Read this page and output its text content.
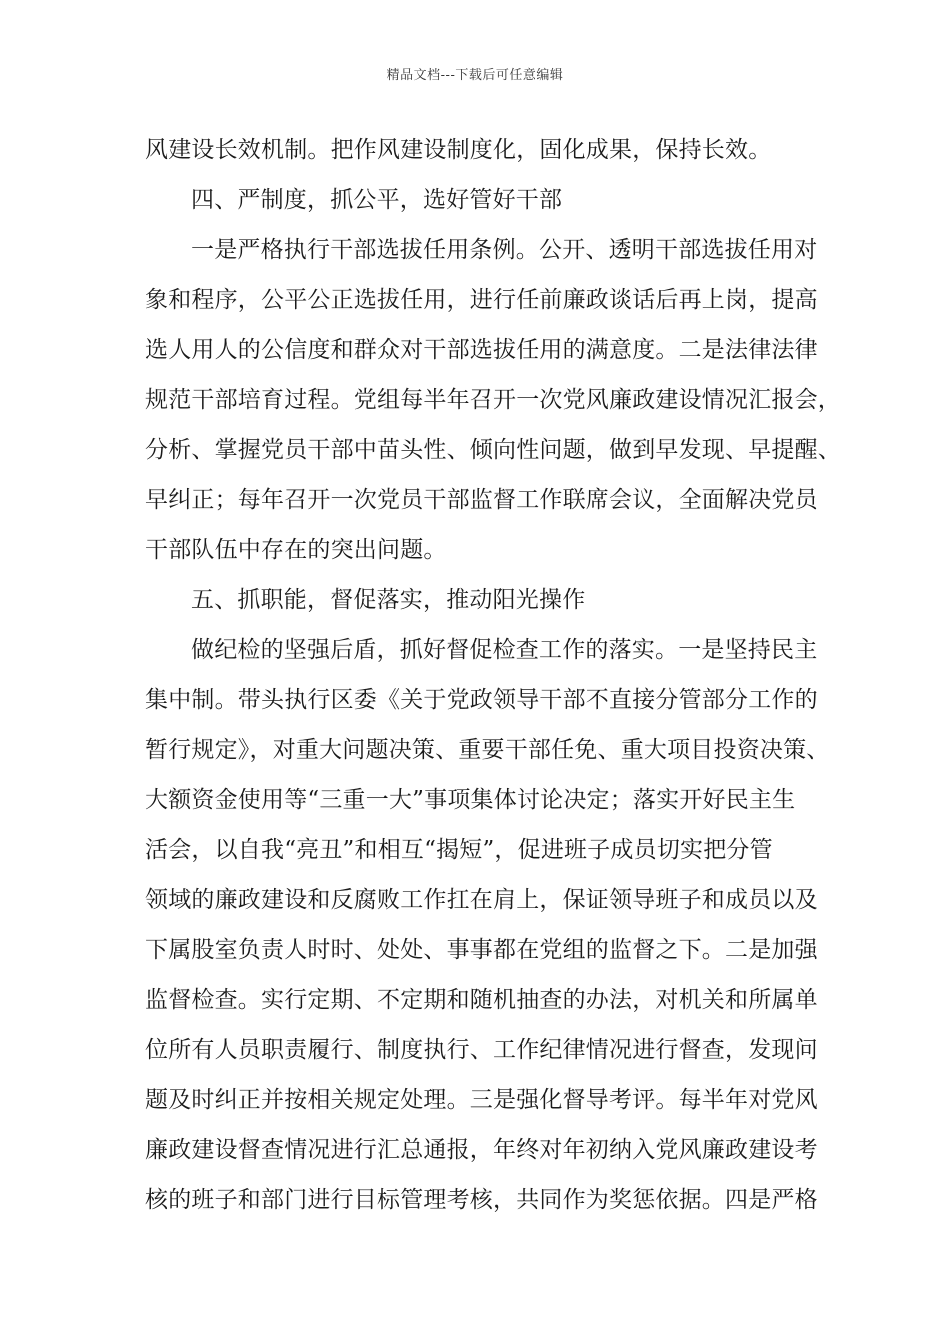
精品文档---下载后可任意编辑
风建设长效机制。把作风建设制度化，固化成果，保持长效。
四、严制度，抓公平，选好管好干部
一是严格执行干部选拔任用条例。公开、透明干部选拔任用对
象和程序，公平公正选拔任用，进行任前廉政谈话后再上岗，提高
选人用人的公信度和群众对干部选拔任用的满意度。二是法律法律
规范干部培育过程。党组每半年召开一次党风廉政建设情况汇报会，
分析、掌握党员干部中苗头性、倾向性问题，做到早发现、早提醒、
早纠正；每年召开一次党员干部监督工作联席会议，全面解决党员
干部队伍中存在的突出问题。
五、抓职能，督促落实，推动阳光操作
做纪检的坚强后盾，抓好督促检查工作的落实。一是坚持民主
集中制。带头执行区委《关于党政领导干部不直接分管部分工作的
暂行规定》，对重大问题决策、重要干部任免、重大项目投资决策、
大额资金使用等“三重一大”事项集体讨论决定；落实开好民主生
活会，以自我“亮丑”和相互“揭短”，促进班子成员切实把分管
领域的廉政建设和反腐败工作扛在肩上，保证领导班子和成员以及
下属股室负责人时时、处处、事事都在党组的监督之下。二是加强
监督检查。实行定期、不定期和随机抽查的办法，对机关和所属单
位所有人员职责履行、制度执行、工作纪律情况进行督查，发现问
题及时纠正并按相关规定处理。三是强化督导考评。每半年对党风
廉政建设督查情况进行汇总通报，年终对年初纳入党风廉政建设考
核的班子和部门进行目标管理考核，共同作为奖惩依据。四是严格
